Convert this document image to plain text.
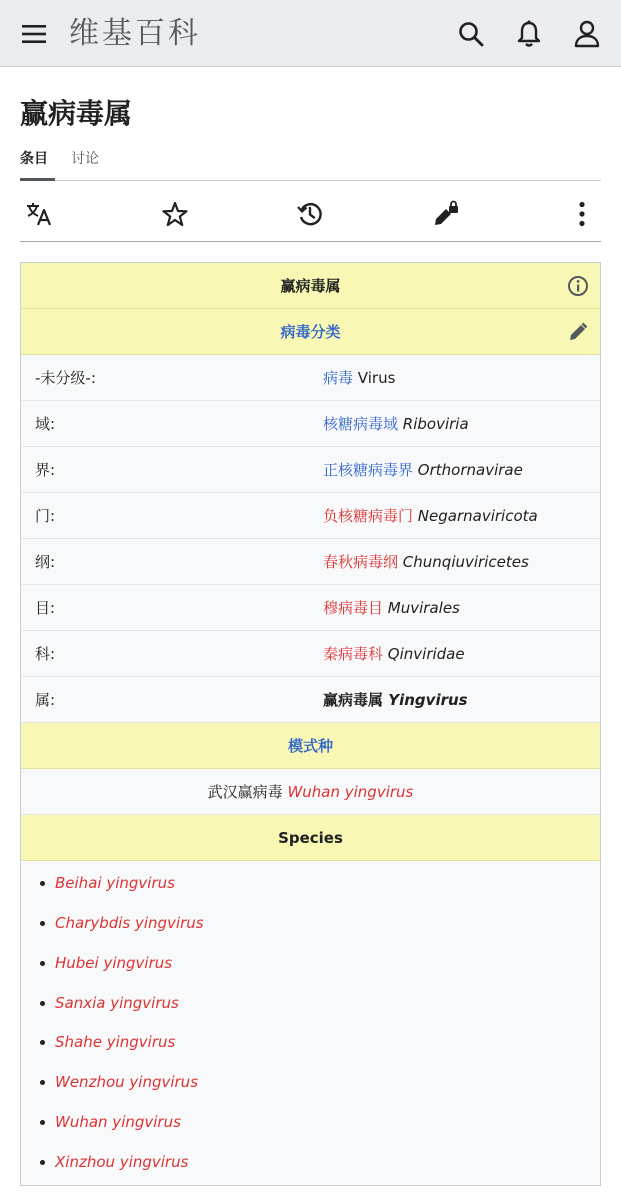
维基百科
赢病毒属
条目 讨论
赢病毒属
病毒分类
-未分级-:	病毒 Virus
域:	核糖病毒域 Riboviria
界:	正核糖病毒界 Orthornavirae
门:	负核糖病毒门 Negarnaviricota
纲:	春秋病毒纲 Chunqiuviricetes
目:	穆病毒目 Muvirales
科:	秦病毒科 Qinviridae
属:	赢病毒属 Yingvirus
模式种
武汉赢病毒 Wuhan yingvirus
Species
Beihai yingvirus
Charybdis yingvirus
Hubei yingvirus
Sanxia yingvirus
Shahe yingvirus
Wenzhou yingvirus
Wuhan yingvirus
Xinzhou yingvirus
